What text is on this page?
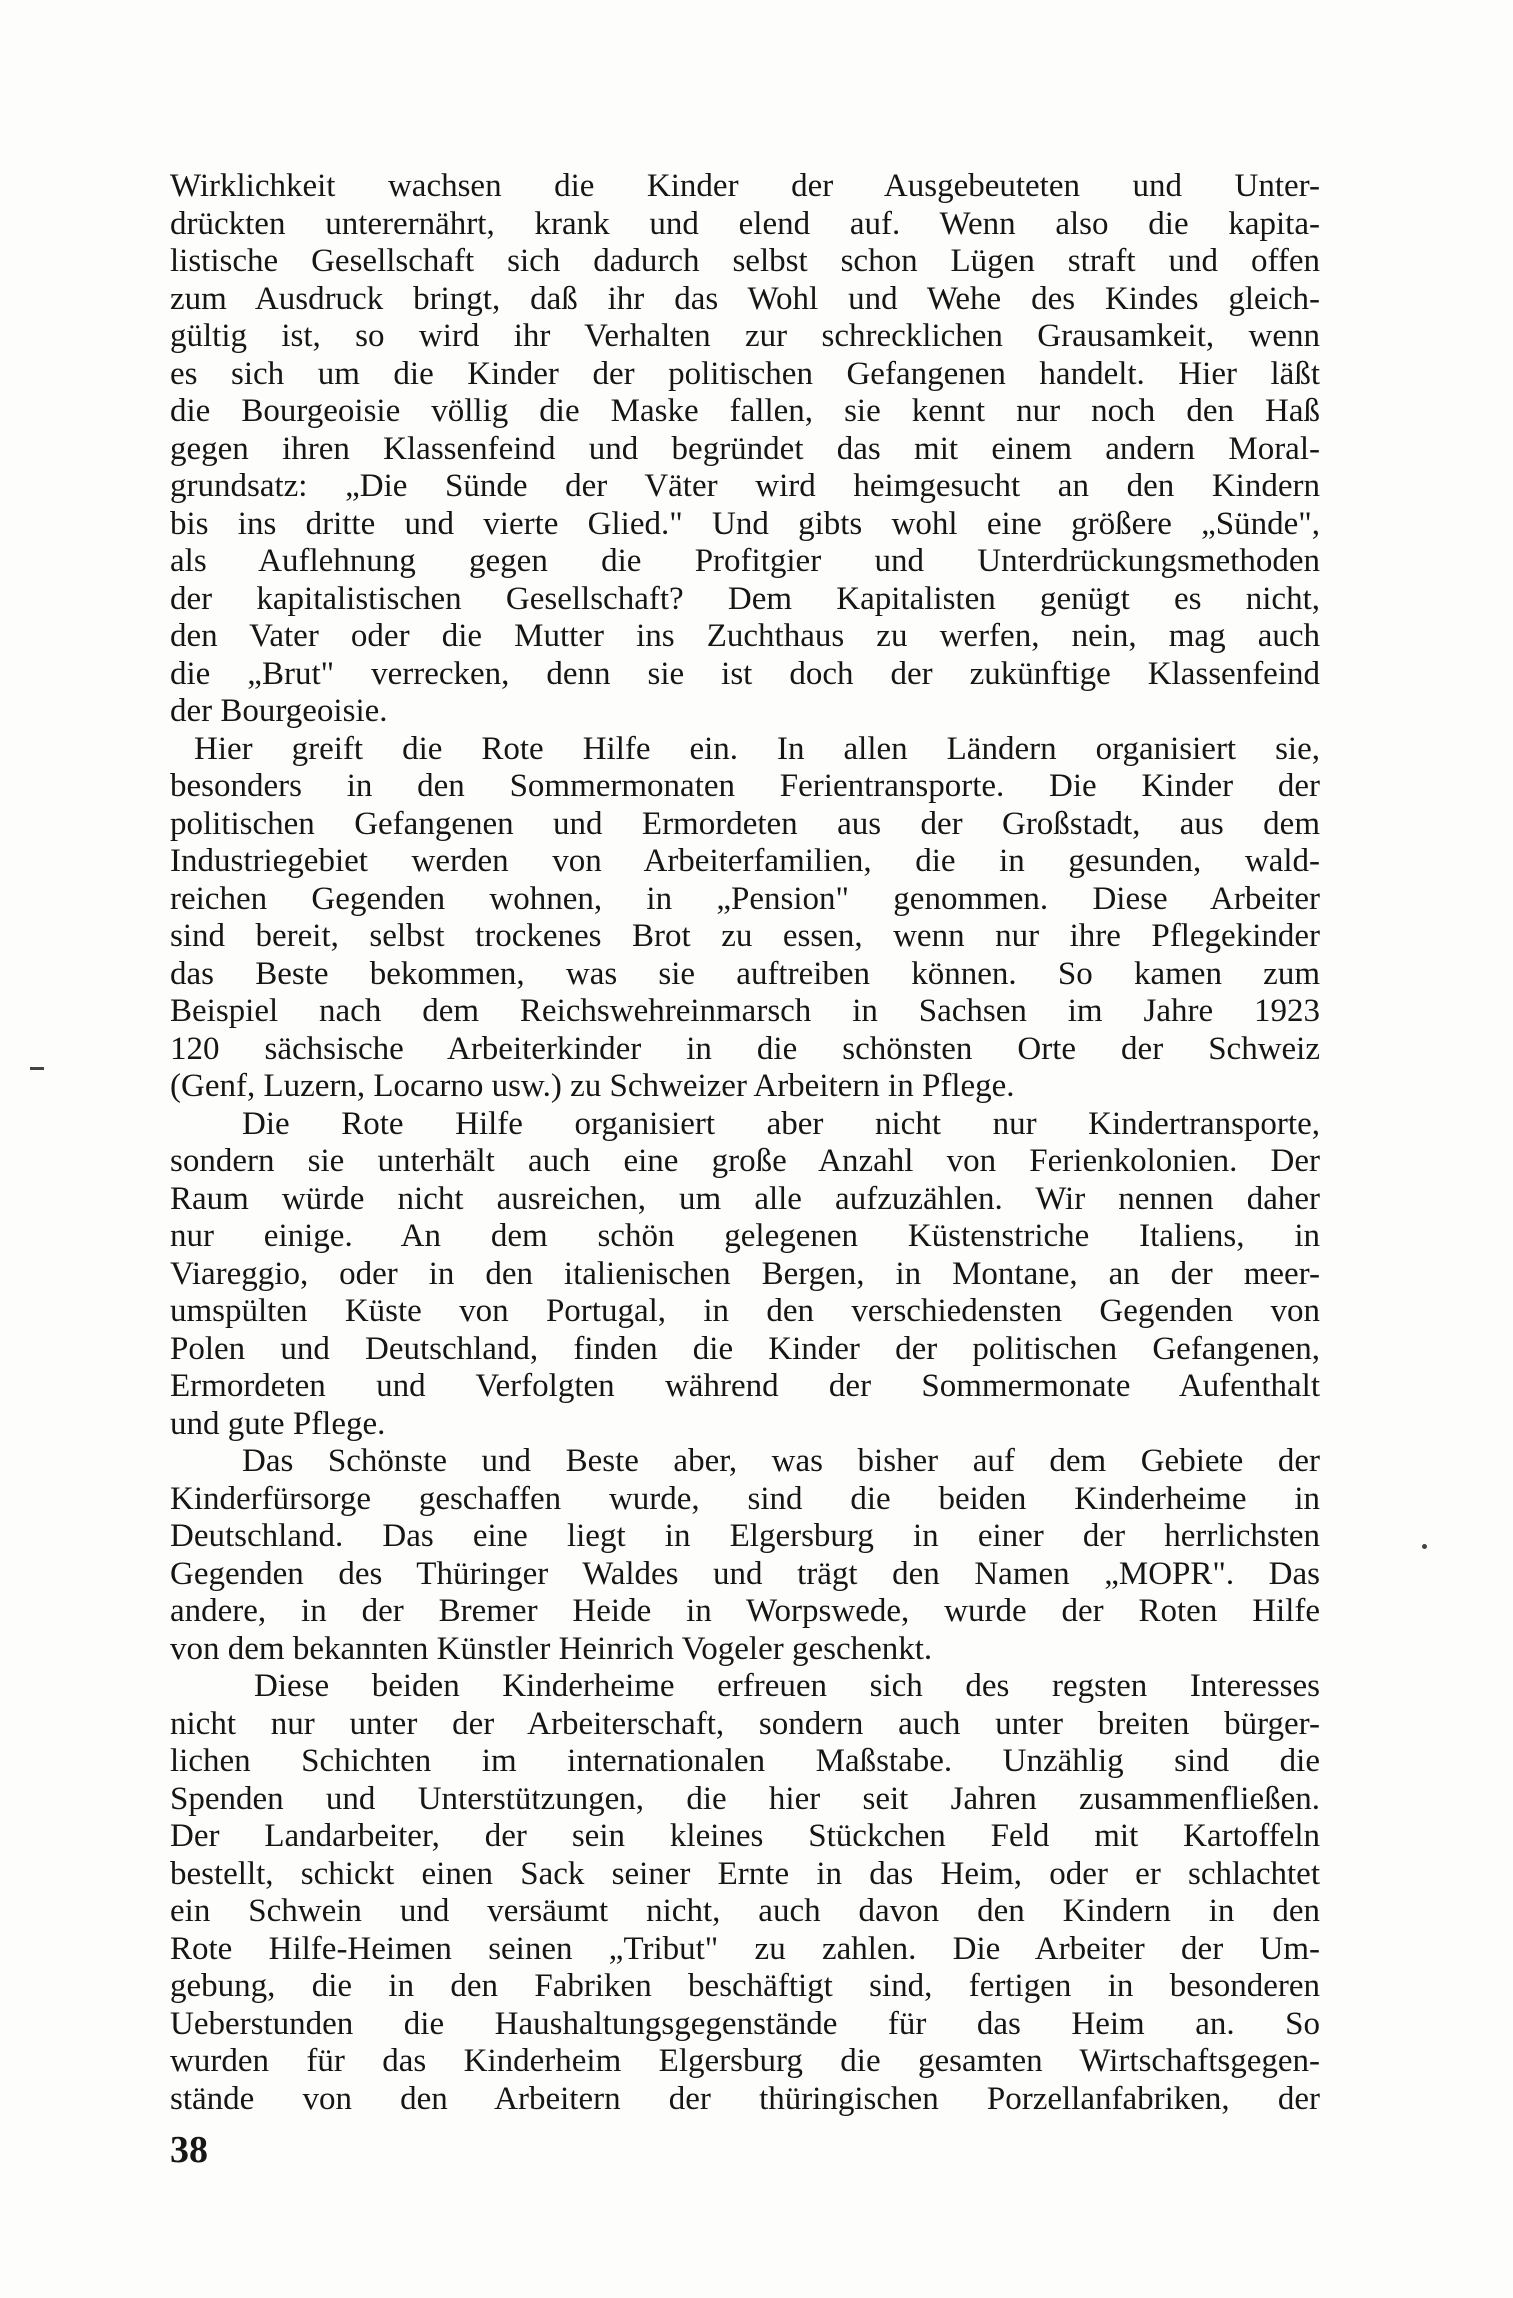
Wirklichkeit wachsen die Kinder der Ausgebeuteten und Unter-
drückten unterernährt, krank und elend auf. Wenn also die kapita-
listische Gesellschaft sich dadurch selbst schon Lügen straft und offen
zum Ausdruck bringt, daß ihr das Wohl und Wehe des Kindes gleich-
gültig ist, so wird ihr Verhalten zur schrecklichen Grausamkeit, wenn
es sich um die Kinder der politischen Gefangenen handelt. Hier läßt
die Bourgeoisie völlig die Maske fallen, sie kennt nur noch den Haß
gegen ihren Klassenfeind und begründet das mit einem andern Moral-
grundsatz: „Die Sünde der Väter wird heimgesucht an den Kindern
bis ins dritte und vierte Glied." Und gibts wohl eine größere „Sünde",
als Auflehnung gegen die Profitgier und Unterdrückungsmethoden
der kapitalistischen Gesellschaft? Dem Kapitalisten genügt es nicht,
den Vater oder die Mutter ins Zuchthaus zu werfen, nein, mag auch
die „Brut" verrecken, denn sie ist doch der zukünftige Klassenfeind
der Bourgeoisie.
Hier greift die Rote Hilfe ein. In allen Ländern organisiert sie,
besonders in den Sommermonaten Ferientransporte. Die Kinder der
politischen Gefangenen und Ermordeten aus der Großstadt, aus dem
Industriegebiet werden von Arbeiterfamilien, die in gesunden, wald-
reichen Gegenden wohnen, in „Pension" genommen. Diese Arbeiter
sind bereit, selbst trockenes Brot zu essen, wenn nur ihre Pflegekinder
das Beste bekommen, was sie auftreiben können. So kamen zum
Beispiel nach dem Reichswehreinmarsch in Sachsen im Jahre 1923
120 sächsische Arbeiterkinder in die schönsten Orte der Schweiz
(Genf, Luzern, Locarno usw.) zu Schweizer Arbeitern in Pflege.
Die Rote Hilfe organisiert aber nicht nur Kindertransporte,
sondern sie unterhält auch eine große Anzahl von Ferienkolonien. Der
Raum würde nicht ausreichen, um alle aufzuzählen. Wir nennen daher
nur einige. An dem schön gelegenen Küstenstriche Italiens, in
Viareggio, oder in den italienischen Bergen, in Montane, an der meer-
umspülten Küste von Portugal, in den verschiedensten Gegenden von
Polen und Deutschland, finden die Kinder der politischen Gefangenen,
Ermordeten und Verfolgten während der Sommermonate Aufenthalt
und gute Pflege.
Das Schönste und Beste aber, was bisher auf dem Gebiete der
Kinderfürsorge geschaffen wurde, sind die beiden Kinderheime in
Deutschland. Das eine liegt in Elgersburg in einer der herrlichsten
Gegenden des Thüringer Waldes und trägt den Namen „MOPR". Das
andere, in der Bremer Heide in Worpswede, wurde der Roten Hilfe
von dem bekannten Künstler Heinrich Vogeler geschenkt.
Diese beiden Kinderheime erfreuen sich des regsten Interesses
nicht nur unter der Arbeiterschaft, sondern auch unter breiten bürger-
lichen Schichten im internationalen Maßstabe. Unzählig sind die
Spenden und Unterstützungen, die hier seit Jahren zusammenfließen.
Der Landarbeiter, der sein kleines Stückchen Feld mit Kartoffeln
bestellt, schickt einen Sack seiner Ernte in das Heim, oder er schlachtet
ein Schwein und versäumt nicht, auch davon den Kindern in den
Rote Hilfe-Heimen seinen „Tribut" zu zahlen. Die Arbeiter der Um-
gebung, die in den Fabriken beschäftigt sind, fertigen in besonderen
Ueberstunden die Haushaltungsgegenstände für das Heim an. So
wurden für das Kinderheim Elgersburg die gesamten Wirtschaftsgegen-
stände von den Arbeitern der thüringischen Porzellanfabriken, der
38
